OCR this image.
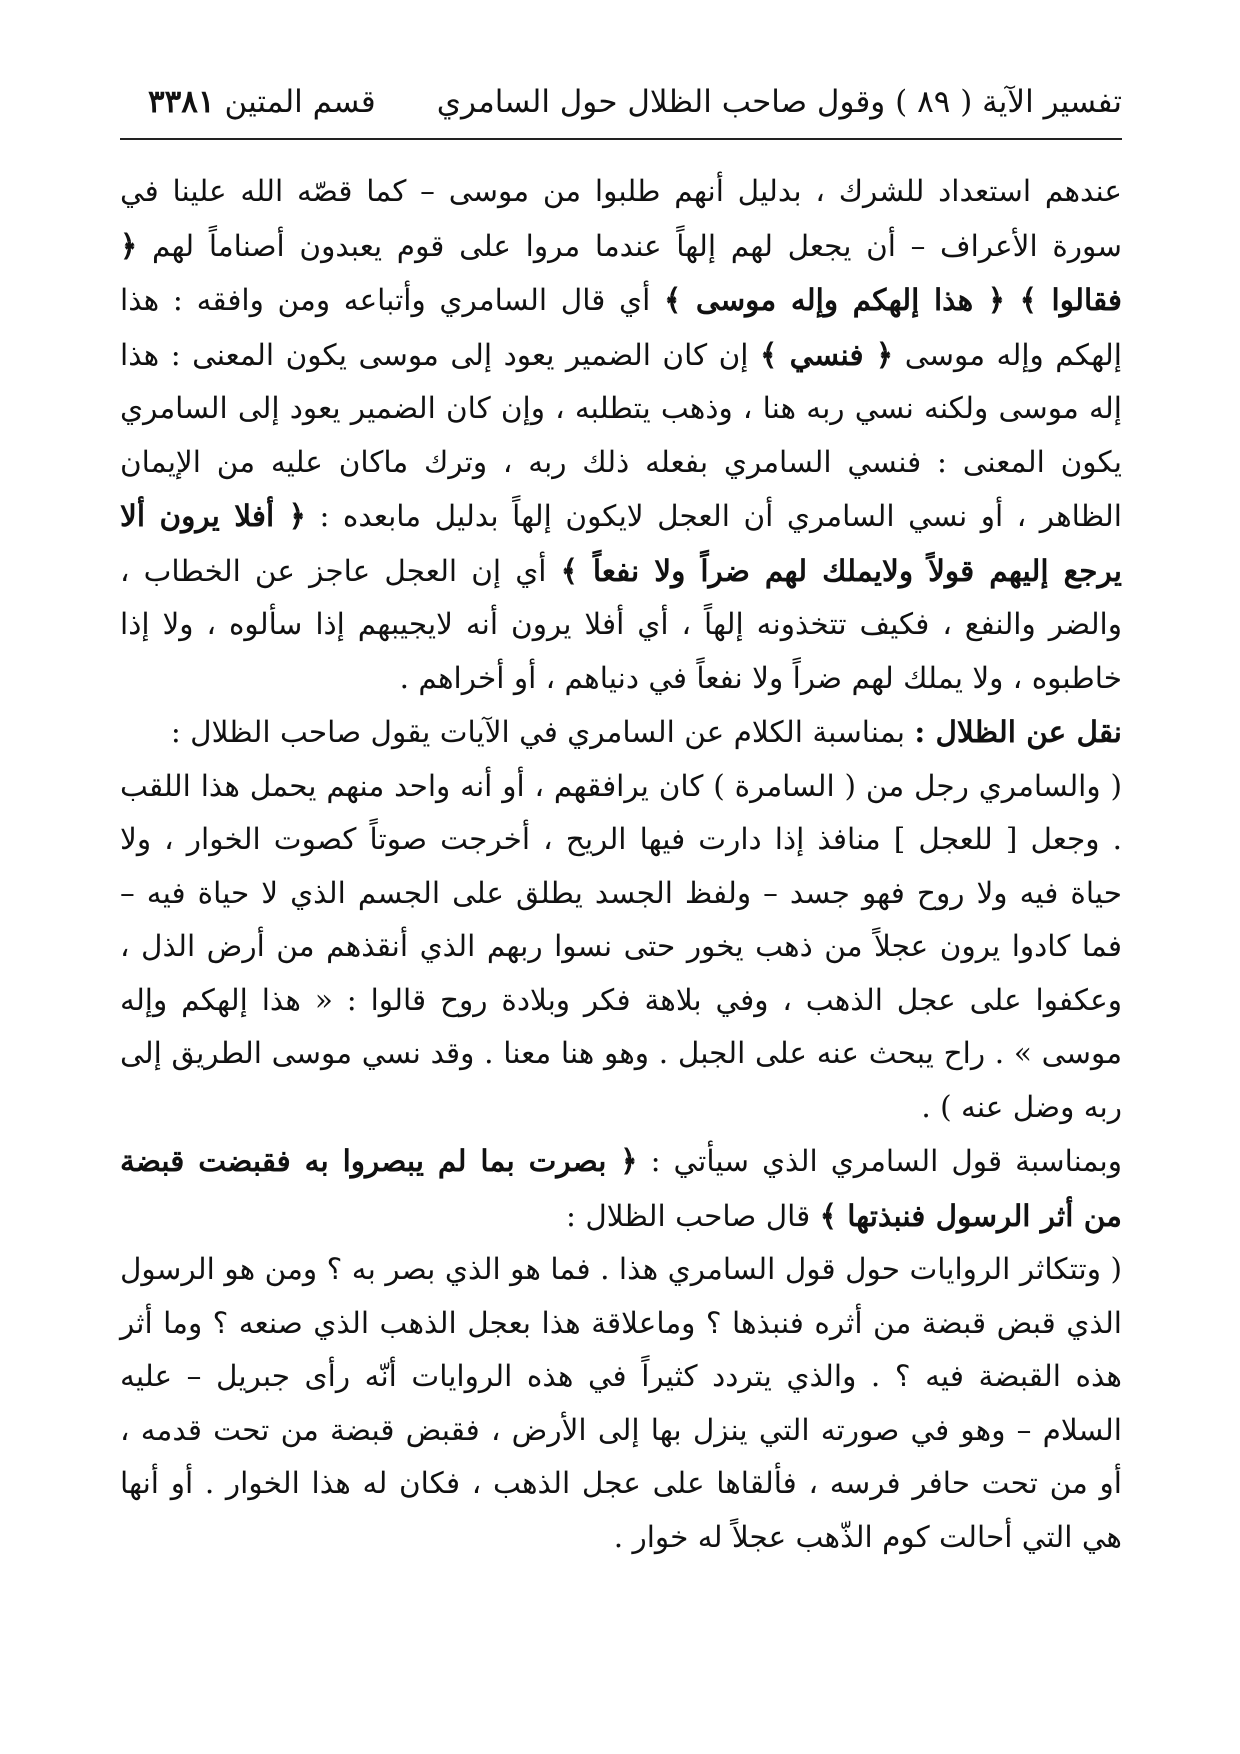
تفسير الآية ( ٨٩ ) وقول صاحب الظلال حول السامري
قسم المتين ٣٣٨١

عندهم استعداد للشرك ، بدليل أنهم طلبوا من موسى – كما قصّه الله علينا في سورة الأعراف – أن يجعل لهم إلهاً عندما مروا على قوم يعبدون أصناماً لهم ﴿ فقالوا ﴾ ﴿ هذا إلهكم وإله موسى ﴾ أي قال السامري وأتباعه ومن وافقه : هذا إلهكم وإله موسى ﴿ فنسي ﴾ إن كان الضمير يعود إلى موسى يكون المعنى : هذا إله موسى ولكنه نسي ربه هنا ، وذهب يتطلبه ، وإن كان الضمير يعود إلى السامري يكون المعنى : فنسي السامري بفعله ذلك ربه ، وترك ماكان عليه من الإيمان الظاهر ، أو نسي السامري أن العجل لايكون إلهاً بدليل مابعده : ﴿ أفلا يرون ألا يرجع إليهم قولاً ولايملك لهم ضراً ولا نفعاً ﴾ أي إن العجل عاجز عن الخطاب ، والضر والنفع ، فكيف تتخذونه إلهاً ، أي أفلا يرون أنه لايجيبهم إذا سألوه ، ولا إذا خاطبوه ، ولا يملك لهم ضراً ولا نفعاً في دنياهم ، أو أخراهم .

نقل عن الظلال : بمناسبة الكلام عن السامري في الآيات يقول صاحب الظلال :

( والسامري رجل من ( السامرة ) كان يرافقهم ، أو أنه واحد منهم يحمل هذا اللقب . وجعل [ للعجل ] منافذ إذا دارت فيها الريح ، أخرجت صوتاً كصوت الخوار ، ولا حياة فيه ولا روح فهو جسد – ولفظ الجسد يطلق على الجسم الذي لا حياة فيه – فما كادوا يرون عجلاً من ذهب يخور حتى نسوا ربهم الذي أنقذهم من أرض الذل ، وعكفوا على عجل الذهب ، وفي بلاهة فكر وبلادة روح قالوا : « هذا إلهكم وإله موسى » . راح يبحث عنه على الجبل . وهو هنا معنا . وقد نسي موسى الطريق إلى ربه وضل عنه ) .

وبمناسبة قول السامري الذي سيأتي : ﴿ بصرت بما لم يبصروا به فقبضت قبضة من أثر الرسول فنبذتها ﴾ قال صاحب الظلال :

( وتتكاثر الروايات حول قول السامري هذا . فما هو الذي بصر به ؟ ومن هو الرسول الذي قبض قبضة من أثره فنبذها ؟ وماعلاقة هذا بعجل الذهب الذي صنعه ؟ وما أثر هذه القبضة فيه ؟ . والذي يتردد كثيراً في هذه الروايات أنّه رأى جبريل – عليه السلام – وهو في صورته التي ينزل بها إلى الأرض ، فقبض قبضة من تحت قدمه ، أو من تحت حافر فرسه ، فألقاها على عجل الذهب ، فكان له هذا الخوار . أو أنها هي التي أحالت كوم الذّهب عجلاً له خوار .
